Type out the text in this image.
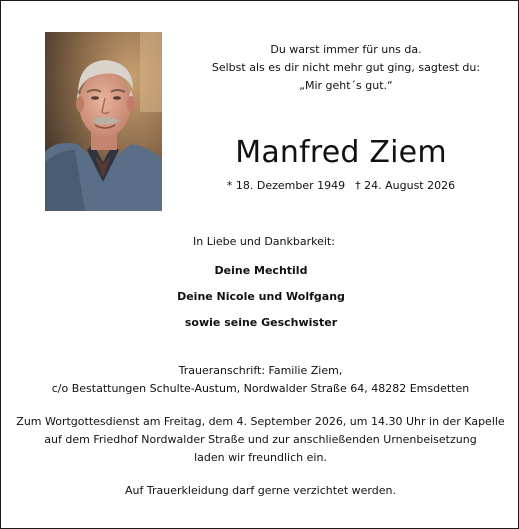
Du warst immer für uns da.
Selbst als es dir nicht mehr gut ging, sagtest du:
„Mir geht´s gut.“
Manfred Ziem
* 18. Dezember 1949 † 24. August 2026
In Liebe und Dankbarkeit:
Deine Mechtild
Deine Nicole und Wolfgang
sowie seine Geschwister
Traueranschrift: Familie Ziem,
c/o Bestattungen Schulte-Austum, Nordwalder Straße 64, 48282 Emsdetten
Zum Wortgottesdienst am Freitag, dem 4. September 2026, um 14.30 Uhr in der Kapelle
auf dem Friedhof Nordwalder Straße und zur anschließenden Urnenbeisetzung
laden wir freundlich ein.
Auf Trauerkleidung darf gerne verzichtet werden.
